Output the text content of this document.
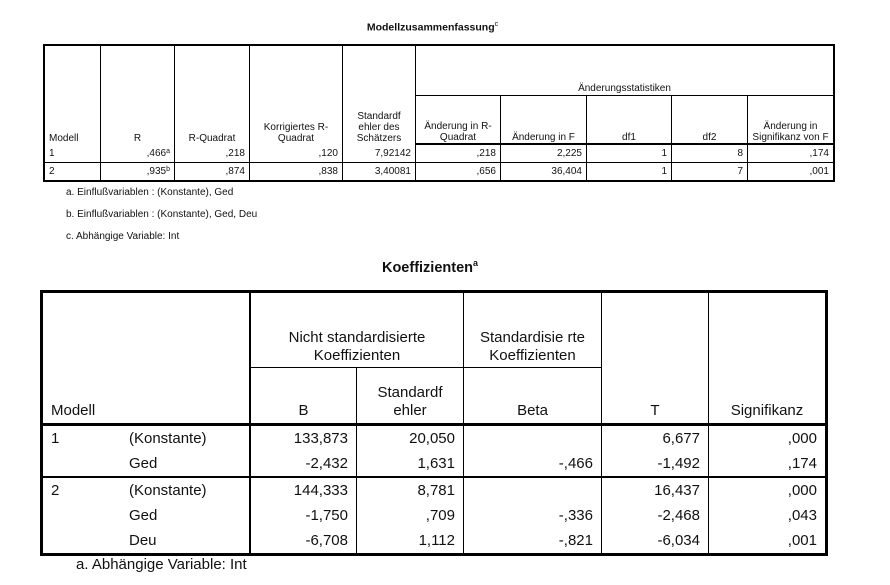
Modellzusammenfassung$^c$
Modell	R	R-Quadrat	Korrigiertes R-Quadrat	Standardf ehler des Schätzers	Änderungsstatistiken				
					Änderung in R-Quadrat	Änderung in F	df1	df2	Änderung in Signifikanz von F
1	,466$^a$	,218	,120	7,92142	,218	2,225	1	8	,174
2	,935$^b$	,874	,838	3,40081	,656	36,404	1	7	,001
a. Einflußvariablen : (Konstante), Ged
b. Einflußvariablen : (Konstante), Ged, Deu
c. Abhängige Variable: Int
Koeffizienten$^a$
Modell		Nicht standardisierte Koeffizienten		Standardisie rte Koeffizienten	T	Signifikanz
		B	Standardf ehler	Beta		
1	(Konstante)	133,873	20,050		6,677	,000
	Ged	-2,432	1,631	-,466	-1,492	,174
2	(Konstante)	144,333	8,781		16,437	,000
	Ged	-1,750	,709	-,336	-2,468	,043
	Deu	-6,708	1,112	-,821	-6,034	,001
a. Abhängige Variable: Int
